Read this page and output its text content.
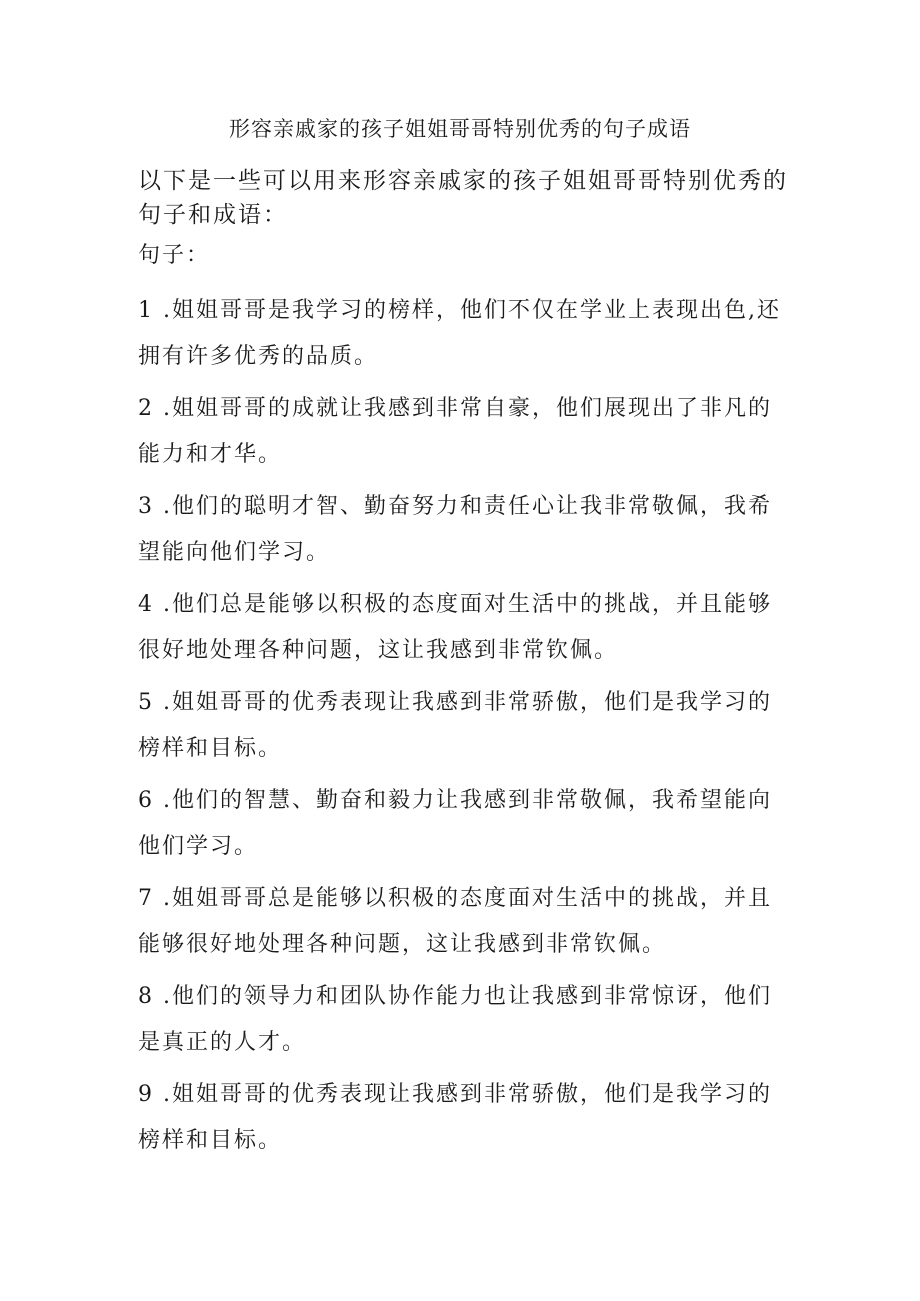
形容亲戚家的孩子姐姐哥哥特别优秀的句子成语
以下是一些可以用来形容亲戚家的孩子姐姐哥哥特别优秀的句子和成语：
句子：
1 .姐姐哥哥是我学习的榜样，他们不仅在学业上表现出色,还拥有许多优秀的品质。
2 .姐姐哥哥的成就让我感到非常自豪，他们展现出了非凡的能力和才华。
3 .他们的聪明才智、勤奋努力和责任心让我非常敬佩，我希望能向他们学习。
4 .他们总是能够以积极的态度面对生活中的挑战，并且能够很好地处理各种问题，这让我感到非常钦佩。
5 .姐姐哥哥的优秀表现让我感到非常骄傲，他们是我学习的榜样和目标。
6 .他们的智慧、勤奋和毅力让我感到非常敬佩，我希望能向他们学习。
7 .姐姐哥哥总是能够以积极的态度面对生活中的挑战，并且能够很好地处理各种问题，这让我感到非常钦佩。
8 .他们的领导力和团队协作能力也让我感到非常惊讶，他们是真正的人才。
9 .姐姐哥哥的优秀表现让我感到非常骄傲，他们是我学习的榜样和目标。
